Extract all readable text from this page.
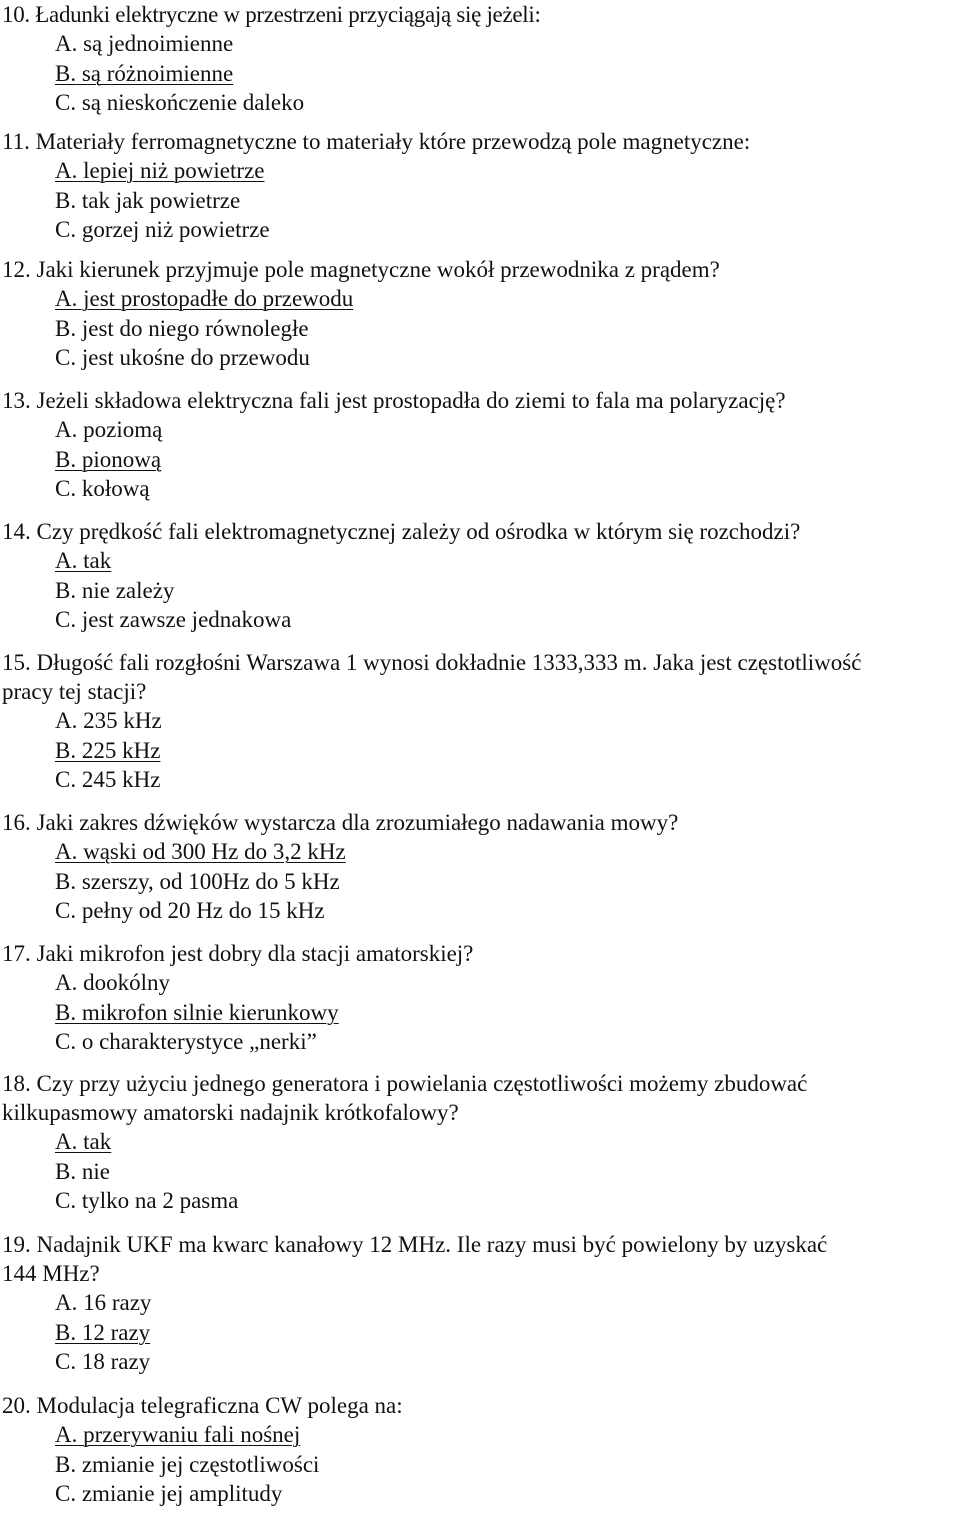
10. Ładunki elektryczne w przestrzeni przyciągają się jeżeli:
A. są jednoimienne
B. są różnoimienne
C. są nieskończenie daleko
11. Materiały ferromagnetyczne to materiały które przewodzą pole magnetyczne:
A. lepiej niż powietrze
B. tak jak powietrze
C. gorzej niż powietrze
12. Jaki kierunek przyjmuje pole magnetyczne wokół przewodnika z prądem?
A. jest prostopadłe do przewodu
B. jest do niego równoległe
C. jest ukośne do przewodu
13. Jeżeli składowa elektryczna fali jest prostopadła do ziemi to fala ma polaryzację?
A. poziomą
B. pionową
C. kołową
14. Czy prędkość fali elektromagnetycznej zależy od ośrodka w którym się rozchodzi?
A. tak
B. nie zależy
C. jest zawsze jednakowa
15. Długość fali rozgłośni Warszawa 1 wynosi dokładnie 1333,333 m. Jaka jest częstotliwość
pracy tej stacji?
A. 235 kHz
B. 225 kHz
C. 245 kHz
16. Jaki zakres dźwięków wystarcza dla zrozumiałego nadawania mowy?
A. wąski od 300 Hz do 3,2 kHz
B. szerszy, od 100Hz do 5 kHz
C. pełny od 20 Hz do 15 kHz
17. Jaki mikrofon jest dobry dla stacji amatorskiej?
A. dookólny
B. mikrofon silnie kierunkowy
C. o charakterystyce „nerki”
18. Czy przy użyciu jednego generatora i powielania częstotliwości możemy zbudować
kilkupasmowy amatorski nadajnik krótkofalowy?
A. tak
B. nie
C. tylko na 2 pasma
19. Nadajnik UKF ma kwarc kanałowy 12 MHz. Ile razy musi być powielony by uzyskać
144 MHz?
A. 16 razy
B. 12 razy
C. 18 razy
20. Modulacja telegraficzna CW polega na:
A. przerywaniu fali nośnej
B. zmianie jej częstotliwości
C. zmianie jej amplitudy
